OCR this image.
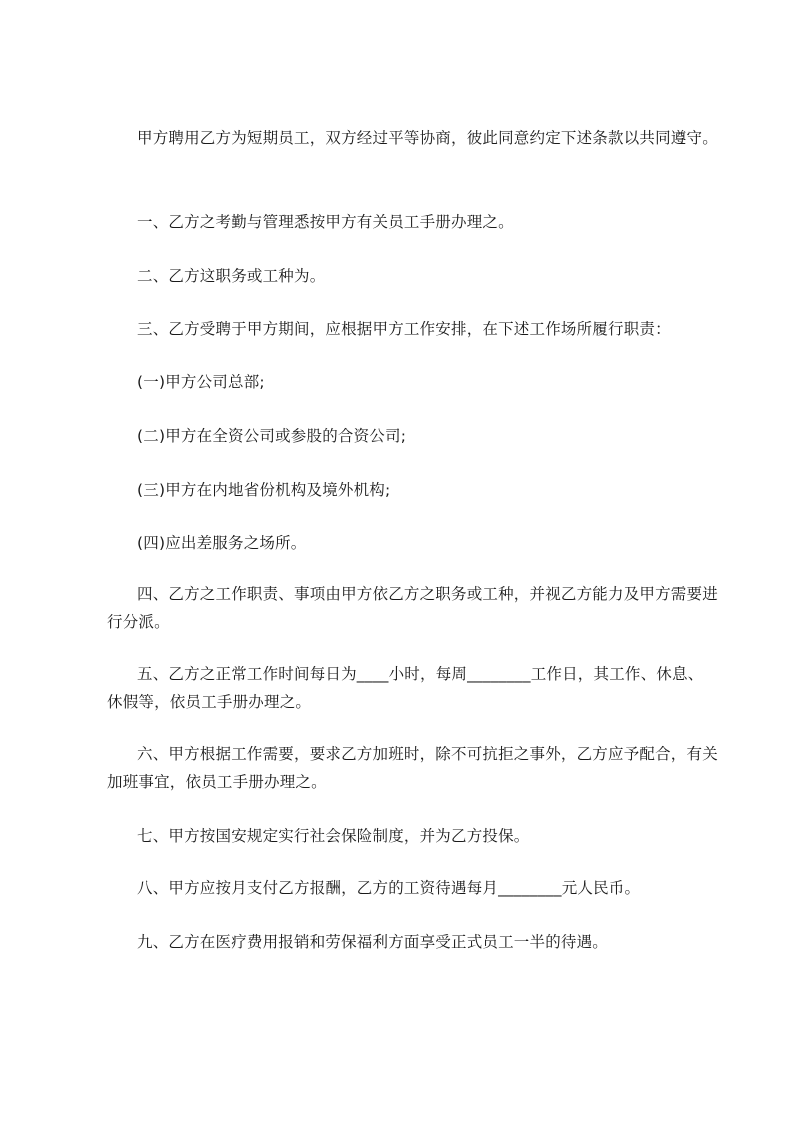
甲方聘用乙方为短期员工，双方经过平等协商，彼此同意约定下述条款以共同遵守。

一、乙方之考勤与管理悉按甲方有关员工手册办理之。

二、乙方这职务或工种为。

三、乙方受聘于甲方期间，应根据甲方工作安排，在下述工作场所履行职责：

(一)甲方公司总部;

(二)甲方在全资公司或参股的合资公司;

(三)甲方在内地省份机构及境外机构;

(四)应出差服务之场所。

四、乙方之工作职责、事项由甲方依乙方之职务或工种，并视乙方能力及甲方需要进行分派。

五、乙方之正常工作时间每日为____小时，每周________工作日，其工作、休息、休假等，依员工手册办理之。

六、甲方根据工作需要，要求乙方加班时，除不可抗拒之事外，乙方应予配合，有关加班事宜，依员工手册办理之。

七、甲方按国安规定实行社会保险制度，并为乙方投保。

八、甲方应按月支付乙方报酬，乙方的工资待遇每月________元人民币。

九、乙方在医疗费用报销和劳保福利方面享受正式员工一半的待遇。
